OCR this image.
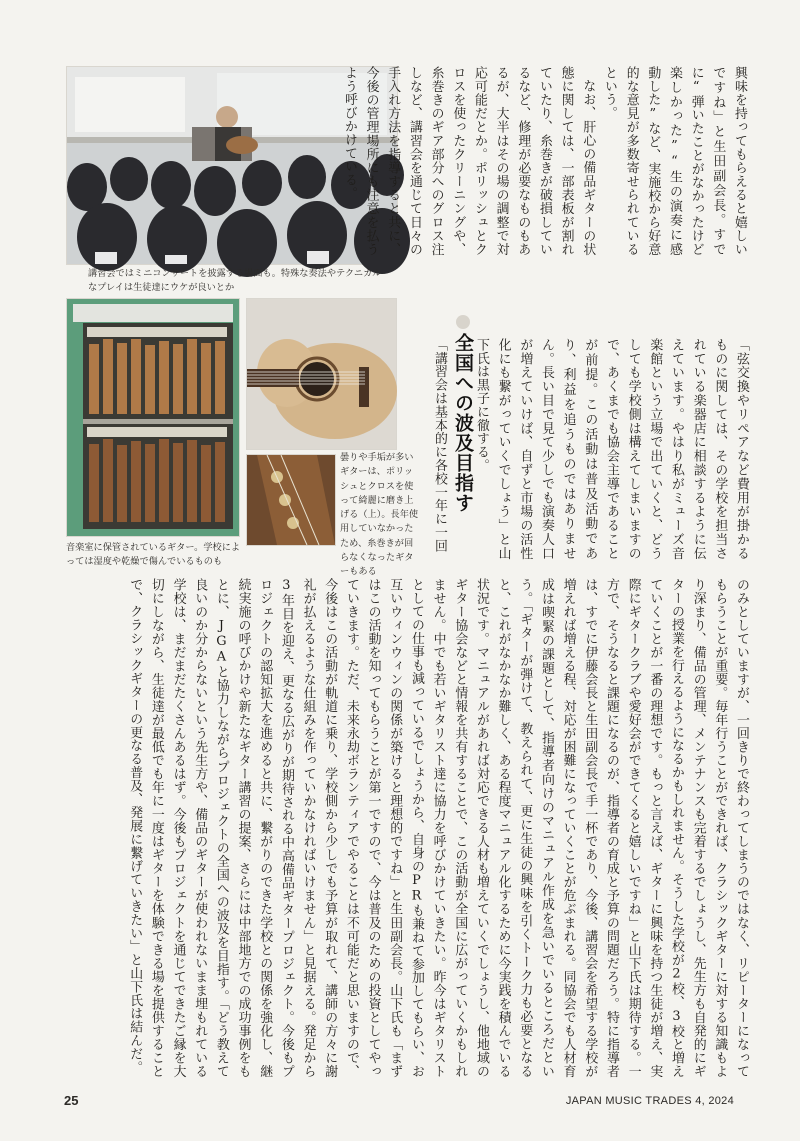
講習会ではミニコンサートを披露する場面も。特殊な奏法やテクニカルなプレイは生徒達にウケが良いとか
音楽室に保管されているギター。学校によっては湿度や乾燥で傷んでいるものも
曇りや手垢が多いギターは、ポリッシュとクロスを使って綺麗に磨き上げる（上）。長年使用していなかったため、糸巻きが回らなくなったギターもある

「弦交換やリペアなど費用が掛かるものに関しては、その学校を担当されている楽器店に相談するように伝えています。やはり私がミューズ音楽館という立場で出ていくと、どうしても学校側は構えてしまいますので、あくまでも協会主導であることが前提。この活動は普及活動であり、利益を追うものではありません。長い目で見て少しでも演奏人口が増えていけば、自ずと市場の活性化にも繋がっていくでしょう」と山下氏は黒子に徹する。

全国への波及目指す

「講習会は基本的に各校一年に一回

興味を持ってもらえると嬉しいですね」と生田副会長。すでに“弾いたことがなかったけど楽しかった”“生の演奏に感動した”など、実施校から好意的な意見が多数寄せられているという。

なお、肝心の備品ギターの状態に関しては、一部表板が割れていたり、糸巻きが破損しているなど、修理が必要なものもあるが、大半はその場の調整で対応可能だとか。ポリッシュとクロスを使ったクリーニングや、糸巻きのギア部分へのグロス注しなど、講習会を通じて日々の手入れ方法を指導すると共に、今後の管理場所にも注意を払うよう呼びかけている。

のみとしていますが、一回きりで終わってしまうのではなく、リピーターになってもらうことが重要。毎年行うことができれば、クラシックギターに対する知識もより深まり、備品の管理、メンテナンスも完着するでしょうし、先生方も自発的にギターの授業を行えるようになるかもしれません。そうした学校が2校、3校と増えていくことが一番の理想です。もっと言えば、ギターに興味を持つ生徒が増え、実際にギタークラブや愛好会ができてくると嬉しいですね」と山下氏は期待する。一方で、そうなると課題になるのが、指導者の育成と予算の問題だろう。特に指導者は、すでに伊藤会長と生田副会長で手一杯であり、今後、講習会を希望する学校が増えれば増える程、対応が困難になっていくことが危ぶまれる。同協会でも人材育成は喫緊の課題として、指導者向けのマニュアル作成を急いでいるところだという。「ギターが弾けて、教えられて、更に生徒の興味を引くトーク力も必要となると、これがなかなか難しく、ある程度マニュアル化するために今実践を積んでいる状況です。マニュアルがあれば対応できる人材も増えていくでしょうし、他地域のギター協会などと情報を共有することで、この活動が全国に広がっていくかもしれません。中でも若いギタリスト達に協力を呼びかけていきたい。昨今はギタリストとしての仕事も減っているでしょうから、自身のPRも兼ねて参加してもらい、お互いウィンウィンの関係が築けると理想的ですね」と生田副会長。山下氏も「まずはこの活動を知ってもらうことが第一ですので、今は普及のための投資としてやっていきます。ただ、未来永劫ボランティアでやることは不可能だと思いますので、今後はこの活動が軌道に乗り、学校側から少しでも予算が取れて、講師の方々に謝礼が払えるような仕組みを作っていかなければいけません」と見据える。発足から3年目を迎え、更なる広がりが期待される中高備品ギタープロジェクト。今後もプロジェクトの認知拡大を進めると共に、繋がりのできた学校との関係を強化し、継続実施の呼びかけや新たなギター講習の提案、さらには中部地方での成功事例をもとに、JGAと協力しながらプロジェクトの全国への波及を目指す。「どう教えて良いのか分からないという先生方や、備品のギターが使われないまま埋もれている学校は、まだまだたくさんあるはず。今後もプロジェクトを通じてできたご縁を大切にしながら、生徒達が最低でも年に一度はギターを体験できる場を提供することで、クラシックギターの更なる普及、発展に繋げていきたい」と山下氏は結んだ。

25	JAPAN MUSIC TRADES 4, 2024
